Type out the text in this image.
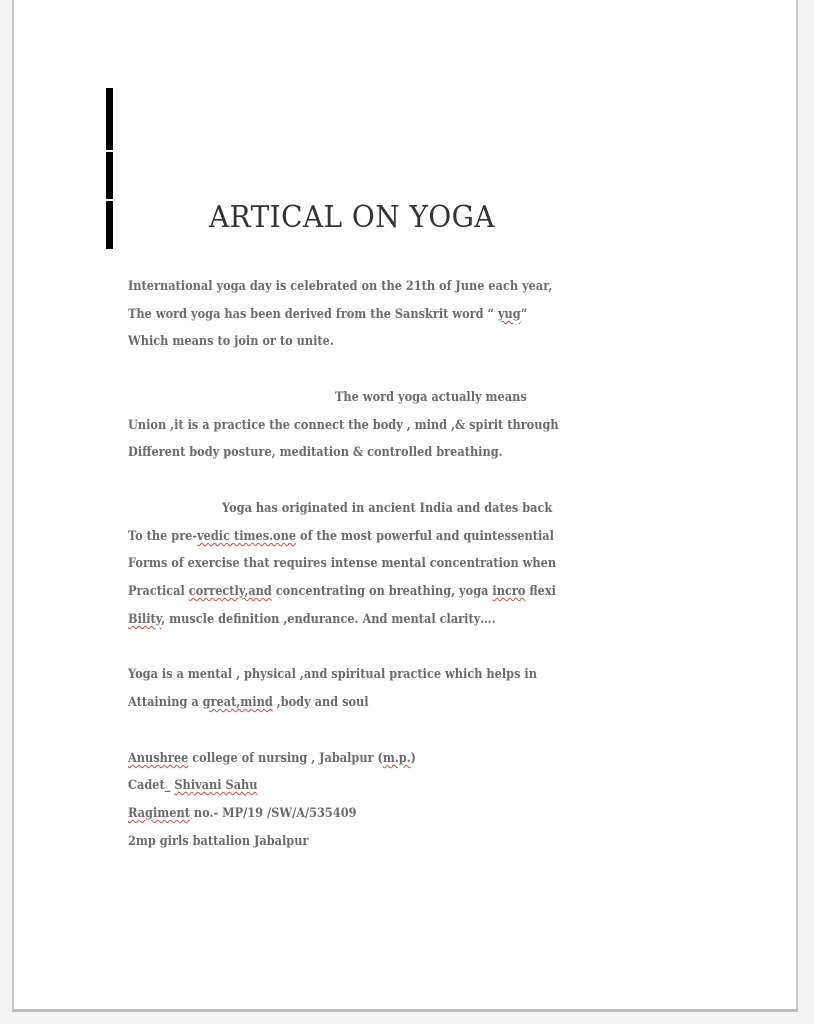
ARTICAL ON YOGA
International yoga day is celebrated on the 21th of June each year,
The word yoga has been derived from the Sanskrit word “ yug“
Which means to join or to unite.
The word yoga actually means
Union ,it is a practice the connect the body , mind ,& spirit through
Different body posture, meditation & controlled breathing.
Yoga has originated in ancient India and dates back
To the pre-vedic times.one of the most powerful and quintessential
Forms of exercise that requires intense mental concentration when
Practical correctly,and concentrating on breathing, yoga incro flexi
Bility, muscle definition ,endurance. And mental clarity….
Yoga is a mental , physical ,and spiritual practice which helps in
Attaining a great,mind ,body and soul
Anushree college of nursing , Jabalpur (m.p.)
Cadet_ Shivani Sahu
Ragiment no.- MP/19 /SW/A/535409
2mp girls battalion Jabalpur
